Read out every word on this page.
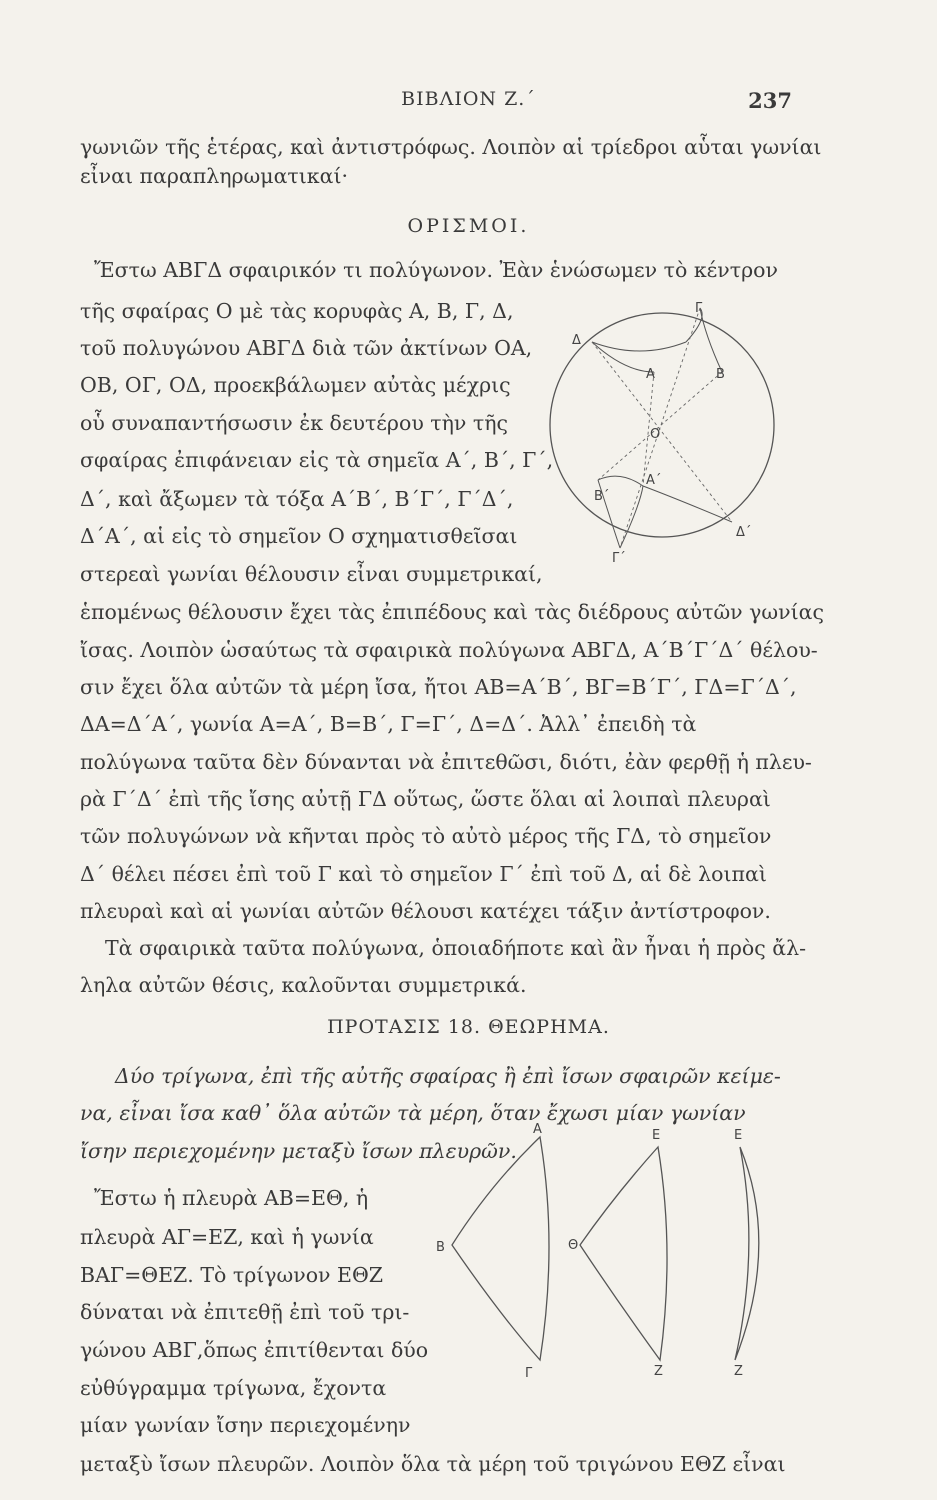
ΒΙΒΛΙΟΝ Ζ.΄	237
γωνιῶν τῆς ἑτέρας, καὶ ἀντιστρόφως. Λοιπὸν αἱ τρίεδροι αὗται γωνίαι
εἶναι παραπληρωματικαί·
ΟΡΙΣΜΟΙ.
Ἔστω ΑΒΓΔ σφαιρικόν τι πολύγωνον. Ἐὰν ἑνώσωμεν τὸ κέντρον
τῆς σφαίρας Ο μὲ τὰς κορυφὰς Α, Β, Γ, Δ,
τοῦ πολυγώνου ΑΒΓΔ διὰ τῶν ἀκτίνων ΟΑ,
ΟΒ, ΟΓ, ΟΔ, προεκβάλωμεν αὐτὰς μέχρις
οὗ συναπαντήσωσιν ἐκ δευτέρου τὴν τῆς
σφαίρας ἐπιφάνειαν εἰς τὰ σημεῖα Α΄, Β΄, Γ΄,
Δ΄, καὶ ἄξωμεν τὰ τόξα Α΄Β΄, Β΄Γ΄, Γ΄Δ΄,
Δ΄Α΄, αἱ εἰς τὸ σημεῖον Ο σχηματισθεῖσαι
στερεαὶ γωνίαι θέλουσιν εἶναι συμμετρικαί,
ἑπομένως θέλουσιν ἔχει τὰς ἐπιπέδους καὶ τὰς διέδρους αὐτῶν γωνίας
ἴσας. Λοιπὸν ὡσαύτως τὰ σφαιρικὰ πολύγωνα ΑΒΓΔ, Α΄Β΄Γ΄Δ΄ θέλου-
σιν ἔχει ὅλα αὐτῶν τὰ μέρη ἴσα, ἤτοι ΑΒ=Α΄Β΄, ΒΓ=Β΄Γ΄, ΓΔ=Γ΄Δ΄,
ΔΑ=Δ΄Α΄, γωνία Α=Α΄, Β=Β΄, Γ=Γ΄, Δ=Δ΄. Ἀλλ᾿ ἐπειδὴ τὰ
πολύγωνα ταῦτα δὲν δύνανται νὰ ἐπιτεθῶσι, διότι, ἐὰν φερθῇ ἡ πλευ-
ρὰ Γ΄Δ΄ ἐπὶ τῆς ἴσης αὐτῇ ΓΔ οὕτως, ὥστε ὅλαι αἱ λοιπαὶ πλευραὶ
τῶν πολυγώνων νὰ κῆνται πρὸς τὸ αὐτὸ μέρος τῆς ΓΔ, τὸ σημεῖον
Δ΄ θέλει πέσει ἐπὶ τοῦ Γ καὶ τὸ σημεῖον Γ΄ ἐπὶ τοῦ Δ, αἱ δὲ λοιπαὶ
πλευραὶ καὶ αἱ γωνίαι αὐτῶν θέλουσι κατέχει τάξιν ἀντίστροφον.
Τὰ σφαιρικὰ ταῦτα πολύγωνα, ὁποιαδήποτε καὶ ἂν ἦναι ἡ πρὸς ἄλ-
ληλα αὐτῶν θέσις, καλοῦνται συμμετρικά.
ΠΡΟΤΑΣΙΣ 18. ΘΕΩΡΗΜΑ.
Δύο τρίγωνα, ἐπὶ τῆς αὐτῆς σφαίρας ἢ ἐπὶ ἴσων σφαιρῶν κείμε-
να, εἶναι ἴσα καθ᾿ ὅλα αὐτῶν τὰ μέρη, ὅταν ἔχωσι μίαν γωνίαν
ἴσην περιεχομένην μεταξὺ ἴσων πλευρῶν.
Ἔστω ἡ πλευρὰ ΑΒ=ΕΘ, ἡ
πλευρὰ ΑΓ=ΕΖ, καὶ ἡ γωνία
ΒΑΓ=ΘΕΖ. Τὸ τρίγωνον ΕΘΖ
δύναται νὰ ἐπιτεθῇ ἐπὶ τοῦ τρι-
γώνου ΑΒΓ,ὅπως ἐπιτίθενται δύο
εὐθύγραμμα τρίγωνα, ἔχοντα
μίαν γωνίαν ἴσην περιεχομένην
μεταξὺ ἴσων πλευρῶν. Λοιπὸν ὅλα τὰ μέρη τοῦ τριγώνου ΕΘΖ εἶναι
Γ
Δ
Α	Β
Ο
Α΄
Β΄
Δ΄
Γ΄
Α
Β
Γ
Ε
Θ
Ζ
Ε
Ζ
